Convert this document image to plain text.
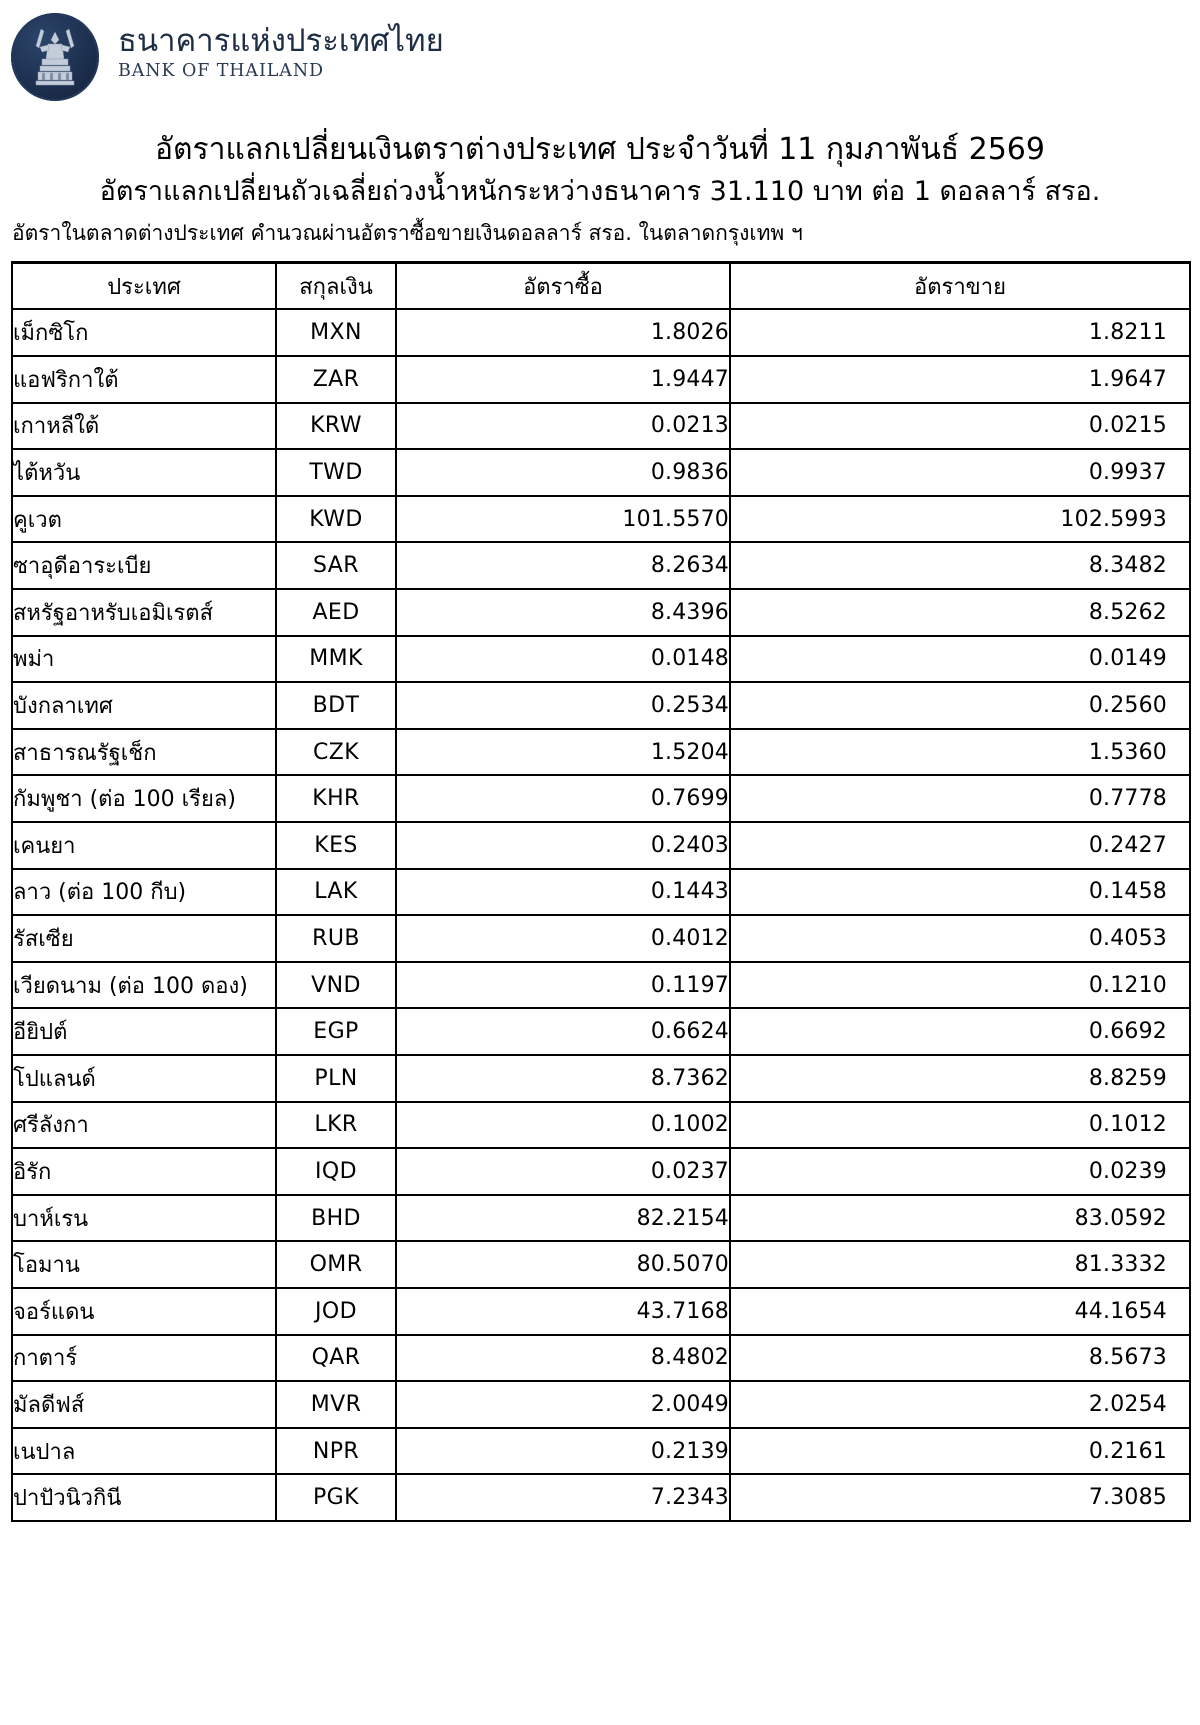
ธนาคารแห่งประเทศไทย
BANK OF THAILAND
อัตราแลกเปลี่ยนเงินตราต่างประเทศ ประจำวันที่ 11 กุมภาพันธ์ 2569
อัตราแลกเปลี่ยนถัวเฉลี่ยถ่วงน้ำหนักระหว่างธนาคาร 31.110 บาท ต่อ 1 ดอลลาร์ สรอ.
อัตราในตลาดต่างประเทศ คำนวณผ่านอัตราซื้อขายเงินดอลลาร์ สรอ. ในตลาดกรุงเทพ ฯ
ประเทศ	สกุลเงิน	อัตราซื้อ	อัตราขาย
เม็กซิโก	MXN	1.8026	1.8211
แอฟริกาใต้	ZAR	1.9447	1.9647
เกาหลีใต้	KRW	0.0213	0.0215
ไต้หวัน	TWD	0.9836	0.9937
คูเวต	KWD	101.5570	102.5993
ซาอุดีอาระเบีย	SAR	8.2634	8.3482
สหรัฐอาหรับเอมิเรตส์	AED	8.4396	8.5262
พม่า	MMK	0.0148	0.0149
บังกลาเทศ	BDT	0.2534	0.2560
สาธารณรัฐเช็ก	CZK	1.5204	1.5360
กัมพูชา (ต่อ 100 เรียล)	KHR	0.7699	0.7778
เคนยา	KES	0.2403	0.2427
ลาว (ต่อ 100 กีบ)	LAK	0.1443	0.1458
รัสเซีย	RUB	0.4012	0.4053
เวียดนาม (ต่อ 100 ดอง)	VND	0.1197	0.1210
อียิปต์	EGP	0.6624	0.6692
โปแลนด์	PLN	8.7362	8.8259
ศรีลังกา	LKR	0.1002	0.1012
อิรัก	IQD	0.0237	0.0239
บาห์เรน	BHD	82.2154	83.0592
โอมาน	OMR	80.5070	81.3332
จอร์แดน	JOD	43.7168	44.1654
กาตาร์	QAR	8.4802	8.5673
มัลดีฟส์	MVR	2.0049	2.0254
เนปาล	NPR	0.2139	0.2161
ปาปัวนิวกินี	PGK	7.2343	7.3085
